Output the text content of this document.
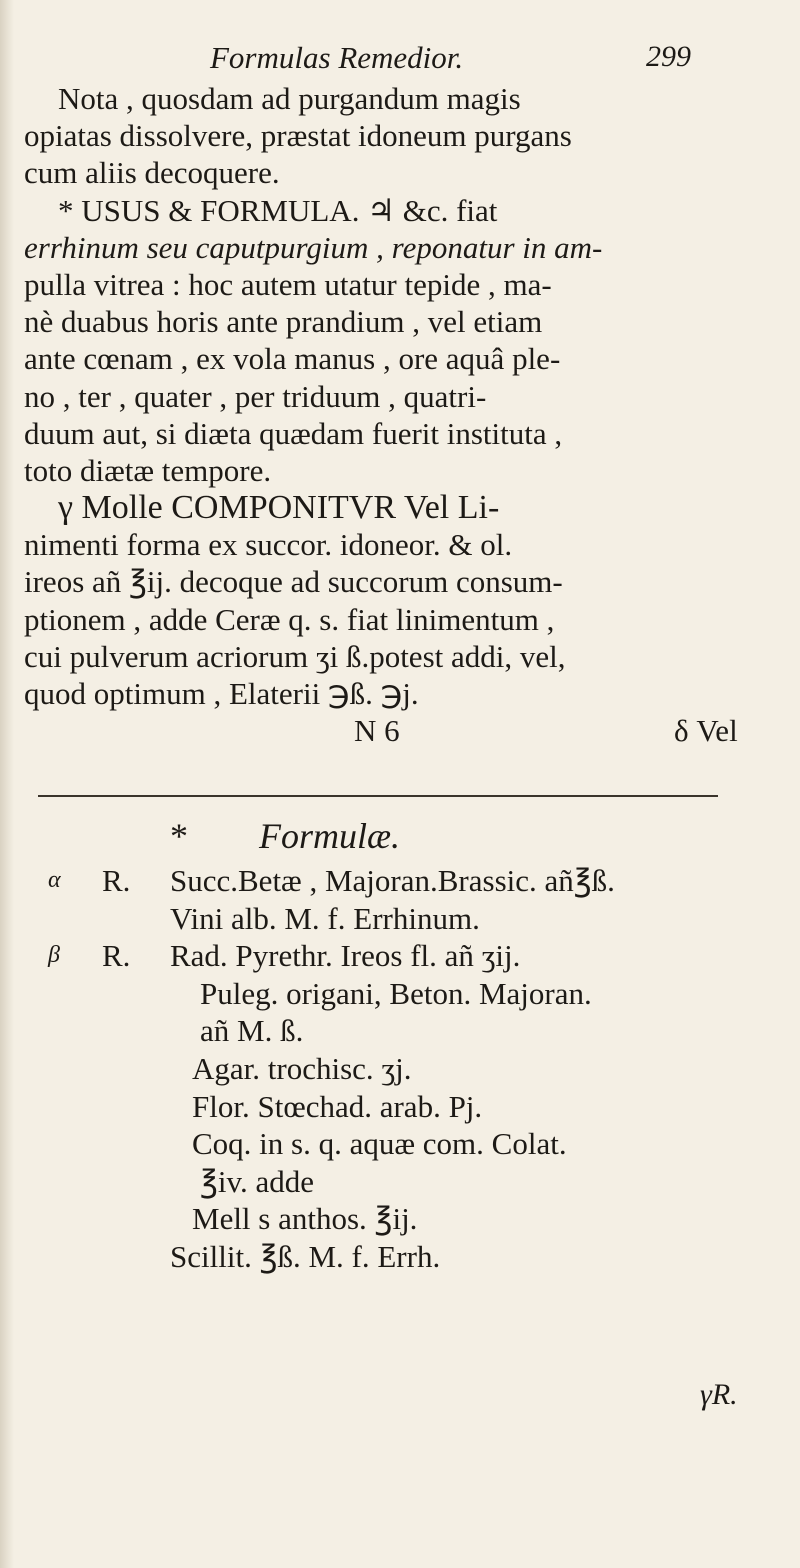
Formulas Remedior.	299
Nota , quosdam ad purgandum magis
opiatas dissolvere, præstat idoneum purgans
cum aliis decoquere.
* USUS & FORMULA. ♃ &c. fiat
errhinum seu caputpurgium , reponatur in am-
pulla vitrea : hoc autem utatur tepide , ma-
nè duabus horis ante prandium , vel etiam
ante cœnam , ex vola manus , ore aquâ ple-
no , ter , quater , per triduum , quatri-
duum aut, si diæta quædam fuerit instituta ,
toto diætæ tempore.
γ Molle COMPONITVR Vel Li-
nimenti forma ex succor. idoneor. & ol.
ireos añ ℥ij. decoque ad succorum consum-
ptionem , adde Ceræ q. s. fiat linimentum ,
cui pulverum acriorum ʒi ß.potest addi, vel,
quod optimum , Elaterii ℈ß. ℈j.
N 6	δ Vel
* Formulæ.
α R. Succ.Betæ , Majoran.Brassic. añ℥ß.
Vini alb. M. f. Errhinum.
β R. Rad. Pyrethr. Ireos fl. añ ʒij.
Puleg. origani, Beton. Majoran.
añ M. ß.
Agar. trochisc. ʒj.
Flor. Stœchad. arab. Pj.
Coq. in s. q. aquæ com. Colat.
℥iv. adde
Mell s anthos. ℥ij.
Scillit. ℥ß. M. f. Errh.
γR.
